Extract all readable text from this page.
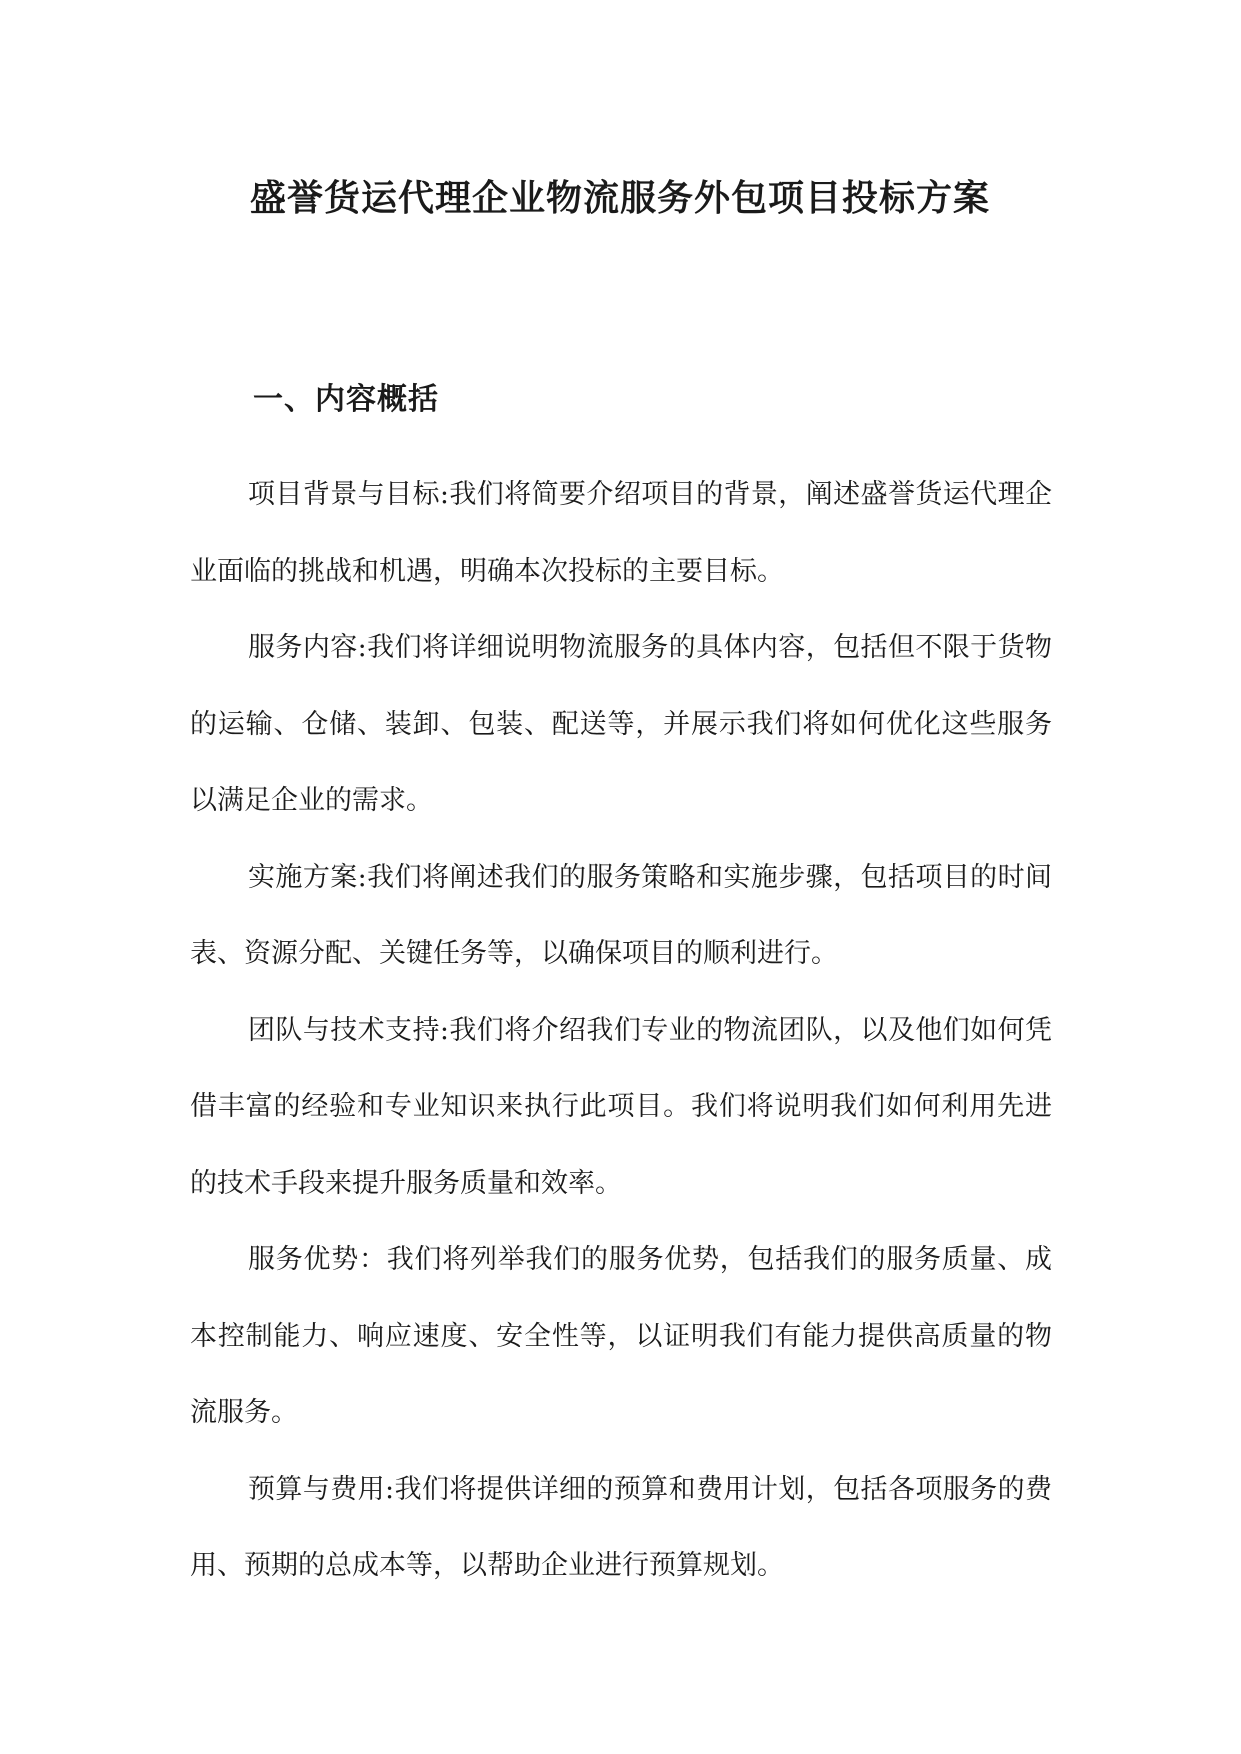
盛誉货运代理企业物流服务外包项目投标方案
一、内容概括

项目背景与目标:我们将简要介绍项目的背景，阐述盛誉货运代理企业面临的挑战和机遇，明确本次投标的主要目标。

服务内容:我们将详细说明物流服务的具体内容，包括但不限于货物的运输、仓储、装卸、包装、配送等，并展示我们将如何优化这些服务以满足企业的需求。

实施方案:我们将阐述我们的服务策略和实施步骤，包括项目的时间表、资源分配、关键任务等，以确保项目的顺利进行。

团队与技术支持:我们将介绍我们专业的物流团队，以及他们如何凭借丰富的经验和专业知识来执行此项目。我们将说明我们如何利用先进的技术手段来提升服务质量和效率。

服务优势：我们将列举我们的服务优势，包括我们的服务质量、成本控制能力、响应速度、安全性等，以证明我们有能力提供高质量的物流服务。

预算与费用:我们将提供详细的预算和费用计划，包括各项服务的费用、预期的总成本等，以帮助企业进行预算规划。
